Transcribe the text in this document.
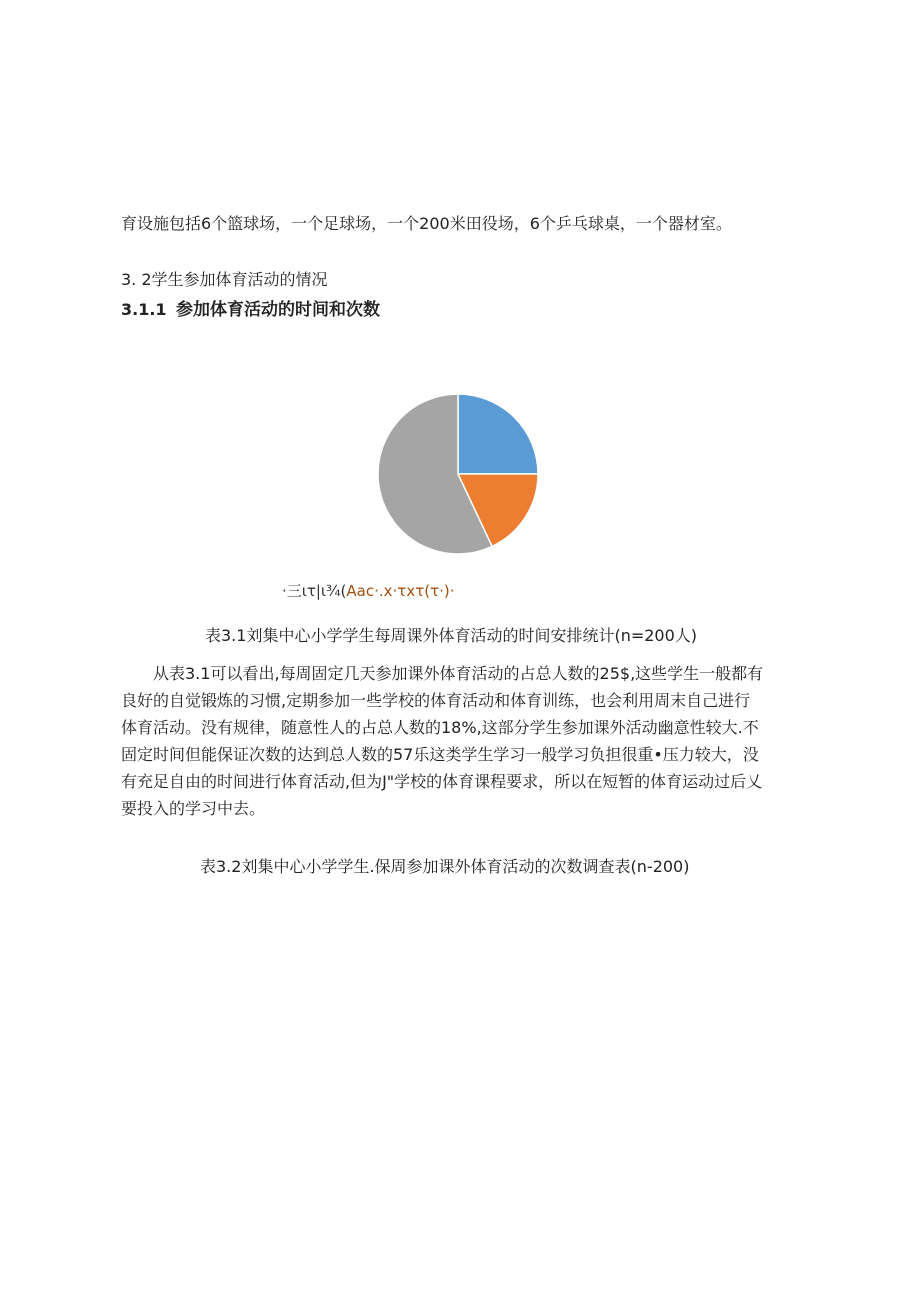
育设施包括6个篮球场，一个足球场，一个200米田役场，6个乒乓球桌，一个器材室。
3. 2学生参加体育活动的情况
3.1.1 参加体育活动的时间和次数
·三ιτ|ι¾(Aac·.x·τxτ(τ·)·
表3.1刘集中心小学学生每周课外体育活动的时间安排统计(n=200人)
从表3.1可以看出,每周固定几天参加课外体育活动的占总人数的25$,这些学生一般都有
良好的自觉锻炼的习惯,定期参加一些学校的体育活动和体育训练，也会利用周末自己进行
体育活动。没有规律，随意性人的占总人数的18%,这部分学生参加课外活动幽意性较大.不
固定时间但能保证次数的达到总人数的57乐这类学生学习一般学习负担很重•压力较大，没
有充足自由的时间进行体育活动,但为J"学校的体育课程要求，所以在短暂的体育运动过后乂
要投入的学习中去。
表3.2刘集中心小学学生.保周参加课外体育活动的次数调查表(n-200)
